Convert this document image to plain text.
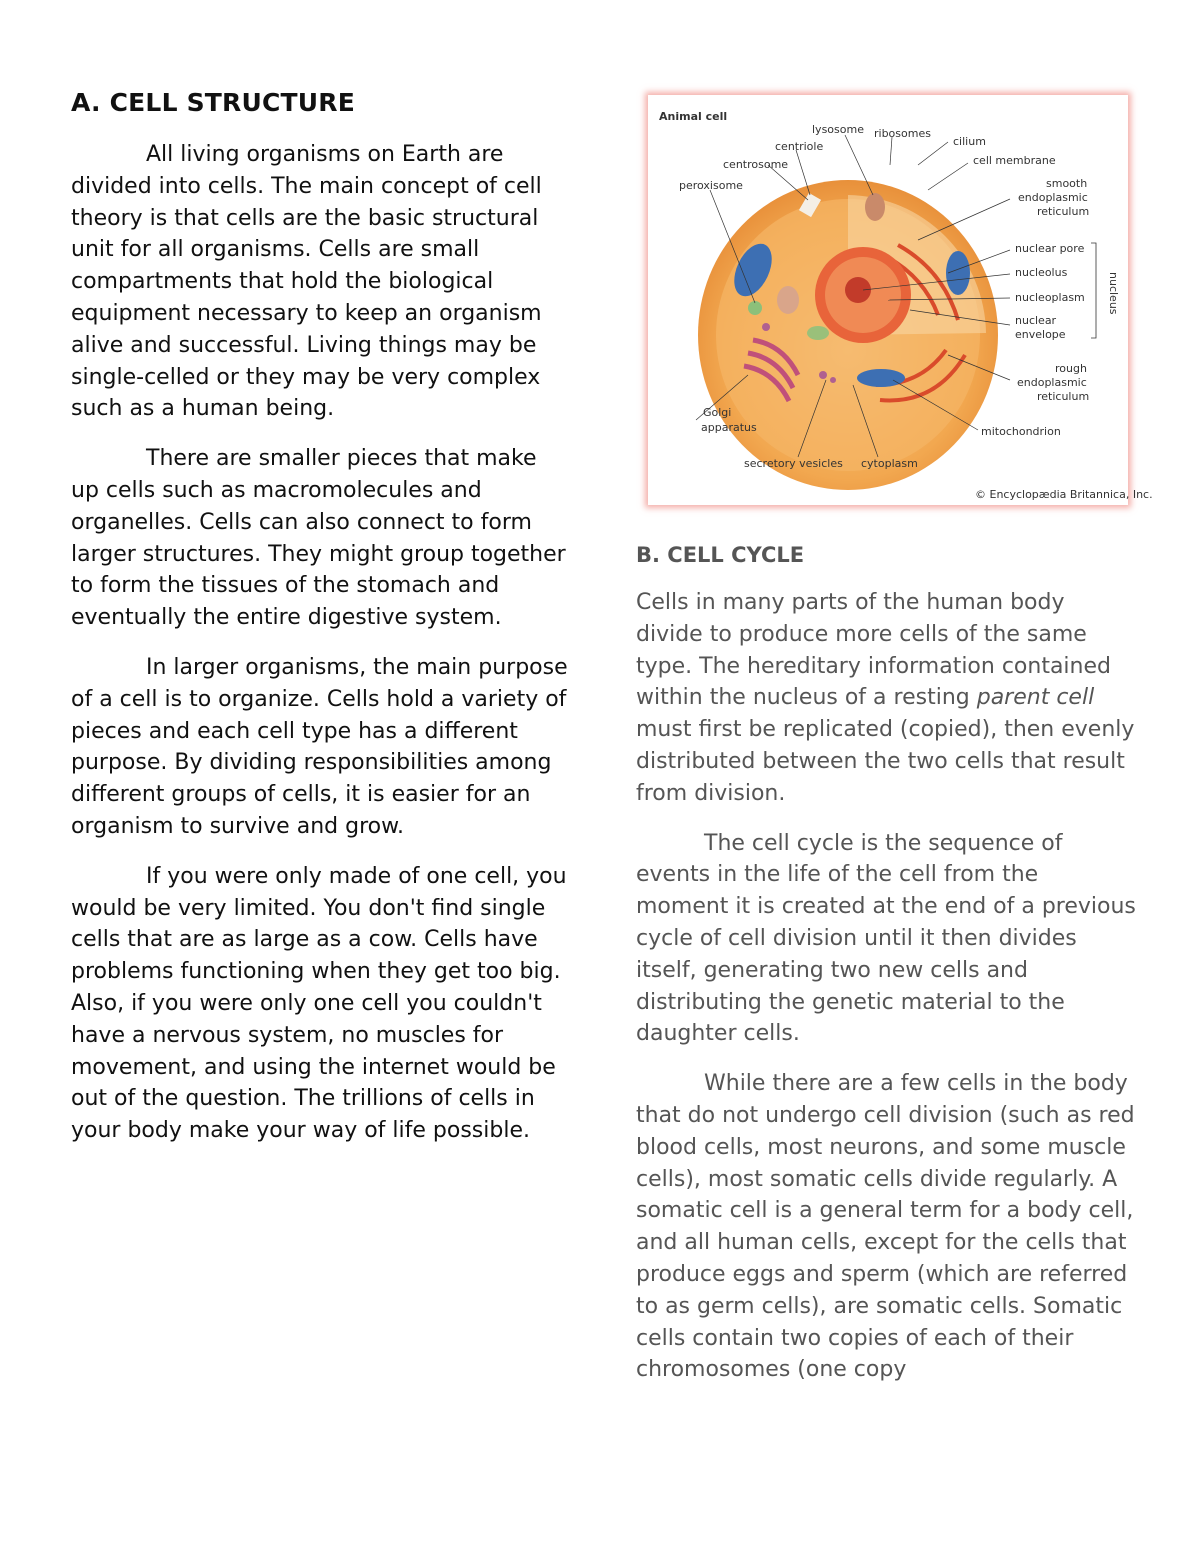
A. CELL STRUCTURE

All living organisms on Earth are divided into cells. The main concept of cell theory is that cells are the basic structural unit for all organisms. Cells are small compartments that hold the biological equipment necessary to keep an organism alive and successful. Living things may be single-celled or they may be very complex such as a human being.

There are smaller pieces that make up cells such as macromolecules and organelles. Cells can also connect to form larger structures. They might group together to form the tissues of the stomach and eventually the entire digestive system.

In larger organisms, the main purpose of a cell is to organize. Cells hold a variety of pieces and each cell type has a different purpose. By dividing responsibilities among different groups of cells, it is easier for an organism to survive and grow.

If you were only made of one cell, you would be very limited. You don't find single cells that are as large as a cow. Cells have problems functioning when they get too big. Also, if you were only one cell you couldn't have a nervous system, no muscles for movement, and using the internet would be out of the question. The trillions of cells in your body make your way of life possible.

Animal cell
lysosome ribosomes
centriole	cilium
centrosome	cell membrane
peroxisome	smooth
endoplasmic
reticulum
nuclear pore
nucleolus
nucleoplasm
nuclear
envelope
nucleus
rough
endoplasmic
reticulum
Golgi
apparatus	mitochondrion
secretory vesicles cytoplasm
© Encyclopædia Britannica, Inc.
B. CELL CYCLE

Cells in many parts of the human body divide to produce more cells of the same type. The hereditary information contained within the nucleus of a resting parent cell must first be replicated (copied), then evenly distributed between the two cells that result from division.

The cell cycle is the sequence of events in the life of the cell from the moment it is created at the end of a previous cycle of cell division until it then divides itself, generating two new cells and distributing the genetic material to the daughter cells.

While there are a few cells in the body that do not undergo cell division (such as red blood cells, most neurons, and some muscle cells), most somatic cells divide regularly. A somatic cell is a general term for a body cell, and all human cells, except for the cells that produce eggs and sperm (which are referred to as germ cells), are somatic cells. Somatic cells contain two copies of each of their chromosomes (one copy
